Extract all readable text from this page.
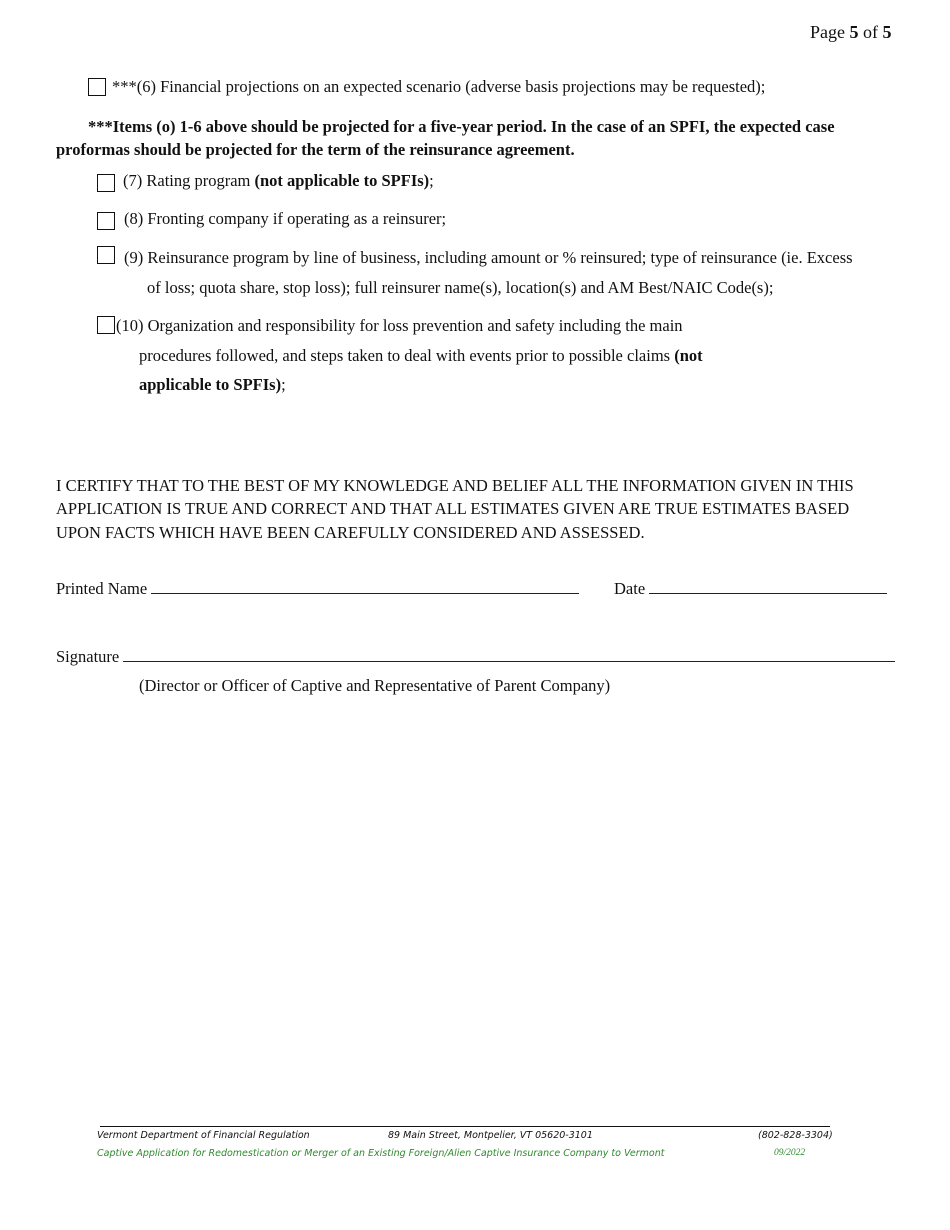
Page 5 of 5
***(6) Financial projections on an expected scenario (adverse basis projections may be requested);
***Items (o) 1-6 above should be projected for a five-year period. In the case of an SPFI, the expected case
proformas should be projected for the term of the reinsurance agreement.
(7) Rating program (not applicable to SPFIs);
(8) Fronting company if operating as a reinsurer;
(9) Reinsurance program by line of business, including amount or % reinsured; type of reinsurance (ie. Excess
of loss; quota share, stop loss); full reinsurer name(s), location(s) and AM Best/NAIC Code(s);
(10) Organization and responsibility for loss prevention and safety including the main
procedures followed, and steps taken to deal with events prior to possible claims (not
applicable to SPFIs);
I CERTIFY THAT TO THE BEST OF MY KNOWLEDGE AND BELIEF ALL THE INFORMATION GIVEN IN THIS
APPLICATION IS TRUE AND CORRECT AND THAT ALL ESTIMATES GIVEN ARE TRUE ESTIMATES BASED
UPON FACTS WHICH HAVE BEEN CAREFULLY CONSIDERED AND ASSESSED.
Printed Name	Date
Signature
(Director or Officer of Captive and Representative of Parent Company)
Vermont Department of Financial Regulation	89 Main Street, Montpelier, VT 05620-3101	(802-828-3304)
Captive Application for Redomestication or Merger of an Existing Foreign/Alien Captive Insurance Company to Vermont	09/2022
